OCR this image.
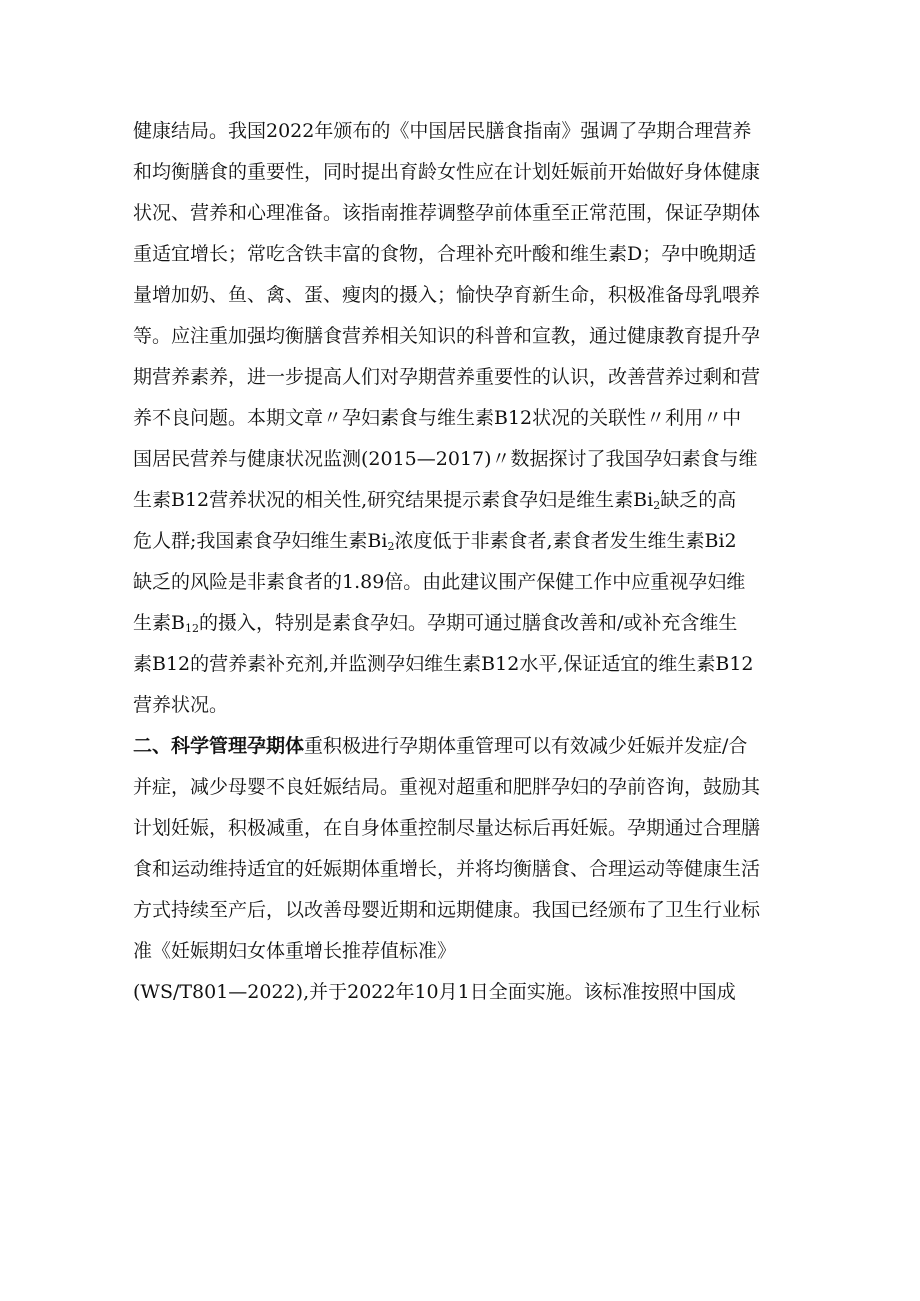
健康结局。我国2022年颁布的《中国居民膳食指南》强调了孕期合理营养
和均衡膳食的重要性，同时提出育龄女性应在计划妊娠前开始做好身体健康
状况、营养和心理准备。该指南推荐调整孕前体重至正常范围，保证孕期体
重适宜增长；常吃含铁丰富的食物，合理补充叶酸和维生素D；孕中晚期适
量增加奶、鱼、禽、蛋、瘦肉的摄入；愉快孕育新生命，积极准备母乳喂养
等。应注重加强均衡膳食营养相关知识的科普和宣教，通过健康教育提升孕
期营养素养，进一步提高人们对孕期营养重要性的认识，改善营养过剩和营
养不良问题。本期文章〃孕妇素食与维生素B12状况的关联性〃利用〃中
国居民营养与健康状况监测(2015—2017)〃数据探讨了我国孕妇素食与维
生素B12营养状况的相关性,研究结果提示素食孕妇是维生素$Bi_2$缺乏的高
危人群;我国素食孕妇维生素$Bi_2$浓度低于非素食者,素食者发生维生素Bi2
缺乏的风险是非素食者的1.89倍。由此建议围产保健工作中应重视孕妇维
生素$B_{12}$的摄入，特别是素食孕妇。孕期可通过膳食改善和/或补充含维生
素B12的营养素补充剂,并监测孕妇维生素B12水平,保证适宜的维生素B12
营养状况。
二、科学管理孕期体重积极进行孕期体重管理可以有效减少妊娠并发症/合
并症，减少母婴不良妊娠结局。重视对超重和肥胖孕妇的孕前咨询，鼓励其
计划妊娠，积极减重，在自身体重控制尽量达标后再妊娠。孕期通过合理膳
食和运动维持适宜的妊娠期体重增长，并将均衡膳食、合理运动等健康生活
方式持续至产后，以改善母婴近期和远期健康。我国已经颁布了卫生行业标
准《妊娠期妇女体重增长推荐值标准》
(WS/T801—2022),并于2022年10月1日全面实施。该标准按照中国成
